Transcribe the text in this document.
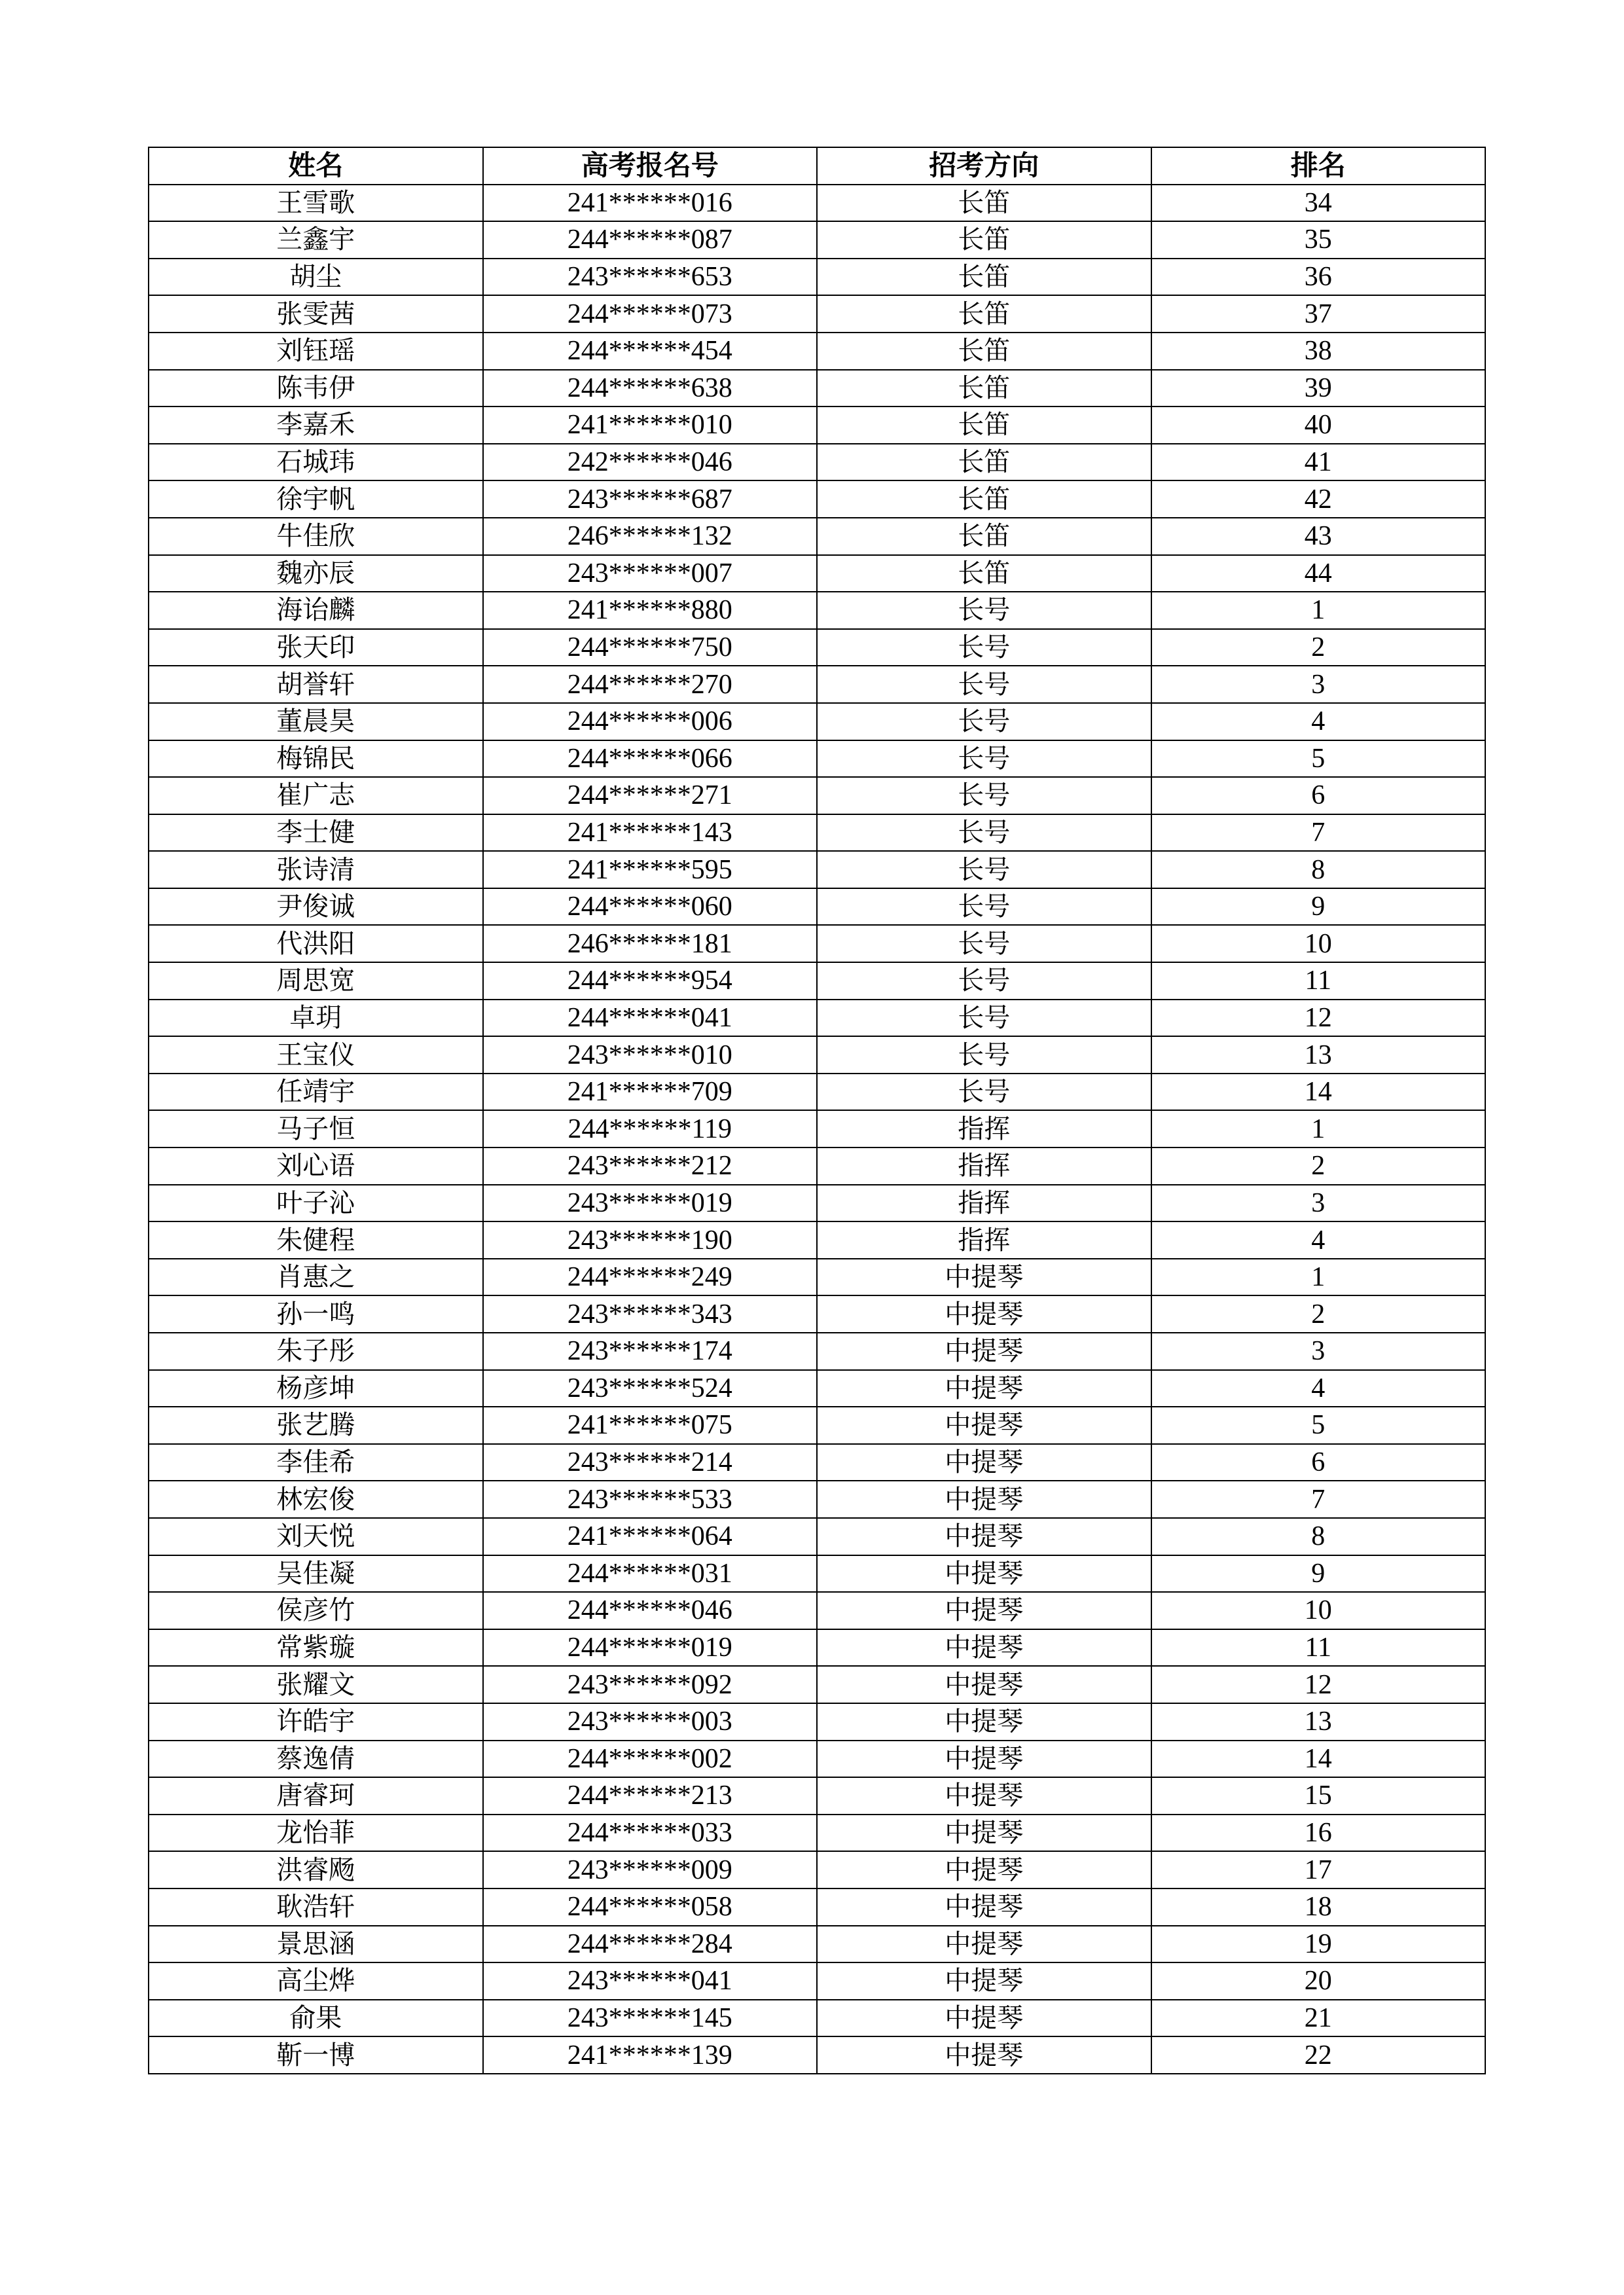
姓名	高考报名号	招考方向	排名
王雪歌	241******016	长笛	34
兰鑫宇	244******087	长笛	35
胡尘	243******653	长笛	36
张雯茜	244******073	长笛	37
刘钰瑶	244******454	长笛	38
陈韦伊	244******638	长笛	39
李嘉禾	241******010	长笛	40
石城玮	242******046	长笛	41
徐宇帆	243******687	长笛	42
牛佳欣	246******132	长笛	43
魏亦辰	243******007	长笛	44
海诒麟	241******880	长号	1
张天印	244******750	长号	2
胡誉轩	244******270	长号	3
董晨昊	244******006	长号	4
梅锦民	244******066	长号	5
崔广志	244******271	长号	6
李士健	241******143	长号	7
张诗清	241******595	长号	8
尹俊诚	244******060	长号	9
代洪阳	246******181	长号	10
周思宽	244******954	长号	11
卓玥	244******041	长号	12
王宝仪	243******010	长号	13
任靖宇	241******709	长号	14
马子恒	244******119	指挥	1
刘心语	243******212	指挥	2
叶子沁	243******019	指挥	3
朱健程	243******190	指挥	4
肖惠之	244******249	中提琴	1
孙一鸣	243******343	中提琴	2
朱子彤	243******174	中提琴	3
杨彦坤	243******524	中提琴	4
张艺腾	241******075	中提琴	5
李佳希	243******214	中提琴	6
林宏俊	243******533	中提琴	7
刘天悦	241******064	中提琴	8
吴佳凝	244******031	中提琴	9
侯彦竹	244******046	中提琴	10
常紫璇	244******019	中提琴	11
张耀文	243******092	中提琴	12
许皓宇	243******003	中提琴	13
蔡逸倩	244******002	中提琴	14
唐睿珂	244******213	中提琴	15
龙怡菲	244******033	中提琴	16
洪睿飏	243******009	中提琴	17
耿浩轩	244******058	中提琴	18
景思涵	244******284	中提琴	19
高尘烨	243******041	中提琴	20
俞果	243******145	中提琴	21
靳一博	241******139	中提琴	22
